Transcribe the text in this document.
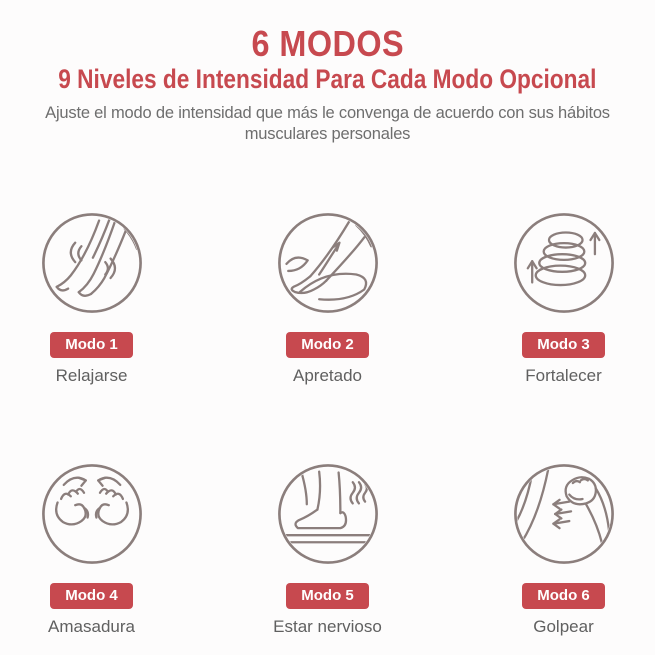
6 MODOS
9 Niveles de Intensidad Para Cada Modo Opcional

Ajuste el modo de intensidad que más le convenga de acuerdo con sus hábitos musculares personales

Modo 1
Relajarse
Modo 2
Apretado
Modo 3
Fortalecer
Modo 4
Amasadura
Modo 5
Estar nervioso
Modo 6
Golpear
